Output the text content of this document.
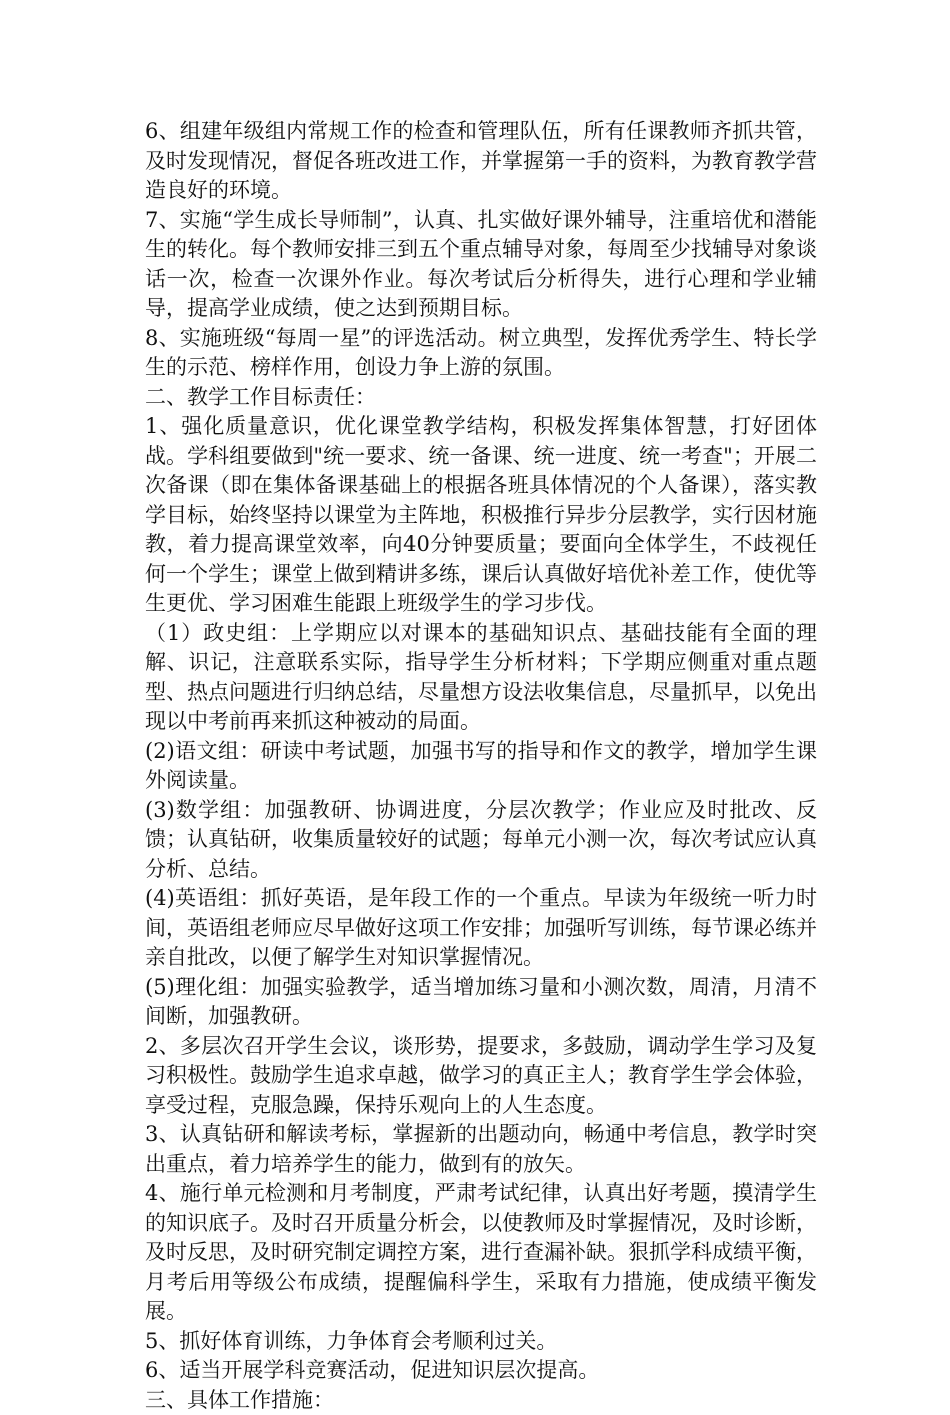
6、组建年级组内常规工作的检查和管理队伍，所有任课教师齐抓共管，及时发现情况，督促各班改进工作，并掌握第一手的资料，为教育教学营造良好的环境。

7、实施“学生成长导师制”，认真、扎实做好课外辅导，注重培优和潜能生的转化。每个教师安排三到五个重点辅导对象，每周至少找辅导对象谈话一次，检查一次课外作业。每次考试后分析得失，进行心理和学业辅导，提高学业成绩，使之达到预期目标。

8、实施班级“每周一星”的评选活动。树立典型，发挥优秀学生、特长学生的示范、榜样作用，创设力争上游的氛围。

二、教学工作目标责任：

1、强化质量意识，优化课堂教学结构，积极发挥集体智慧，打好团体战。学科组要做到"统一要求、统一备课、统一进度、统一考查"；开展二次备课（即在集体备课基础上的根据各班具体情况的个人备课），落实教学目标，始终坚持以课堂为主阵地，积极推行异步分层教学，实行因材施教，着力提高课堂效率，向40分钟要质量；要面向全体学生，不歧视任何一个学生；课堂上做到精讲多练，课后认真做好培优补差工作，使优等生更优、学习困难生能跟上班级学生的学习步伐。

（1）政史组：上学期应以对课本的基础知识点、基础技能有全面的理解、识记，注意联系实际，指导学生分析材料；下学期应侧重对重点题型、热点问题进行归纳总结，尽量想方设法收集信息，尽量抓早，以免出现以中考前再来抓这种被动的局面。

(2)语文组：研读中考试题，加强书写的指导和作文的教学，增加学生课外阅读量。

(3)数学组：加强教研、协调进度，分层次教学；作业应及时批改、反馈；认真钻研，收集质量较好的试题；每单元小测一次，每次考试应认真分析、总结。

(4)英语组：抓好英语，是年段工作的一个重点。早读为年级统一听力时间，英语组老师应尽早做好这项工作安排；加强听写训练，每节课必练并亲自批改，以便了解学生对知识掌握情况。

(5)理化组：加强实验教学，适当增加练习量和小测次数，周清，月清不间断，加强教研。

2、多层次召开学生会议，谈形势，提要求，多鼓励，调动学生学习及复习积极性。鼓励学生追求卓越，做学习的真正主人；教育学生学会体验，享受过程，克服急躁，保持乐观向上的人生态度。

3、认真钻研和解读考标，掌握新的出题动向，畅通中考信息，教学时突出重点，着力培养学生的能力，做到有的放矢。

4、施行单元检测和月考制度，严肃考试纪律，认真出好考题，摸清学生的知识底子。及时召开质量分析会，以使教师及时掌握情况，及时诊断，及时反思，及时研究制定调控方案，进行查漏补缺。狠抓学科成绩平衡，月考后用等级公布成绩，提醒偏科学生，采取有力措施，使成绩平衡发展。

5、抓好体育训练，力争体育会考顺利过关。

6、适当开展学科竞赛活动，促进知识层次提高。

三、具体工作措施：
